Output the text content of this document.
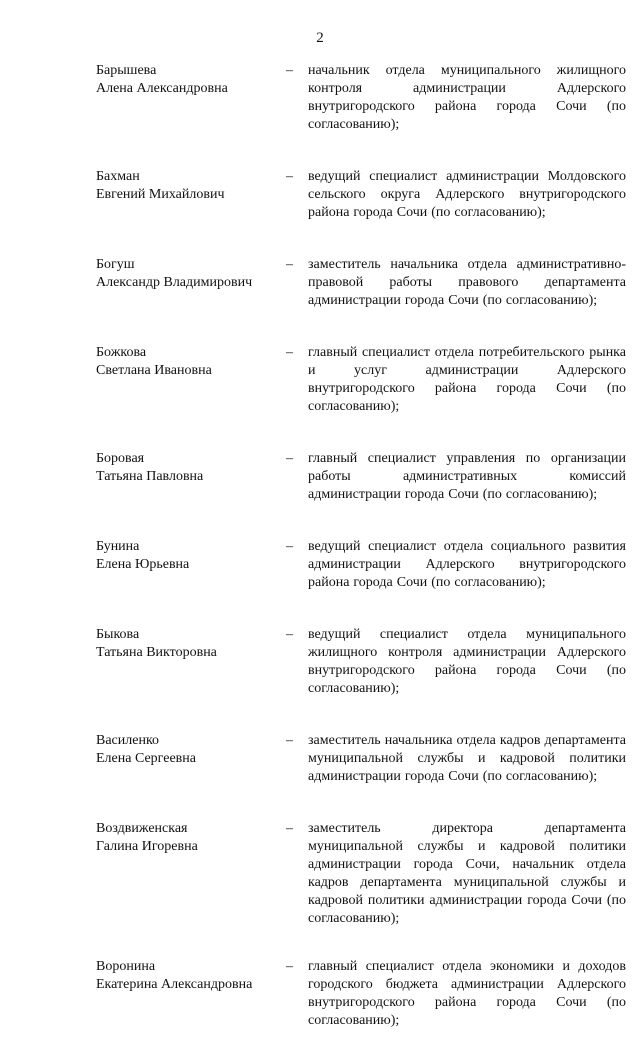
2
Барышева
Алена Александровна
–	начальник отдела муниципального жилищного контроля администрации Адлерского внутригородского района города Сочи (по согласованию);
Бахман
Евгений Михайлович
–	ведущий специалист администрации Молдовского сельского округа Адлерского внутригородского района города Сочи (по согласованию);
Богуш
Александр Владимирович
–	заместитель начальника отдела административно-правовой работы правового департамента администрации города Сочи (по согласованию);
Божкова
Светлана Ивановна
–	главный специалист отдела потребительского рынка и услуг администрации Адлерского внутригородского района города Сочи (по согласованию);
Боровая
Татьяна Павловна
–	главный специалист управления по организации работы административных комиссий администрации города Сочи (по согласованию);
Бунина
Елена Юрьевна
–	ведущий специалист отдела социального развития администрации Адлерского внутригородского района города Сочи (по согласованию);
Быкова
Татьяна Викторовна
–	ведущий специалист отдела муниципального жилищного контроля администрации Адлерского внутригородского района города Сочи (по согласованию);
Василенко
Елена Сергеевна
–	заместитель начальника отдела кадров департамента муниципальной службы и кадровой политики администрации города Сочи (по согласованию);
Воздвиженская
Галина Игоревна
–	заместитель директора департамента муниципальной службы и кадровой политики администрации города Сочи, начальник отдела кадров департамента муниципальной службы и кадровой политики администрации города Сочи (по согласованию);
Воронина
Екатерина Александровна
–	главный специалист отдела экономики и доходов городского бюджета администрации Адлерского внутригородского района города Сочи (по согласованию);
